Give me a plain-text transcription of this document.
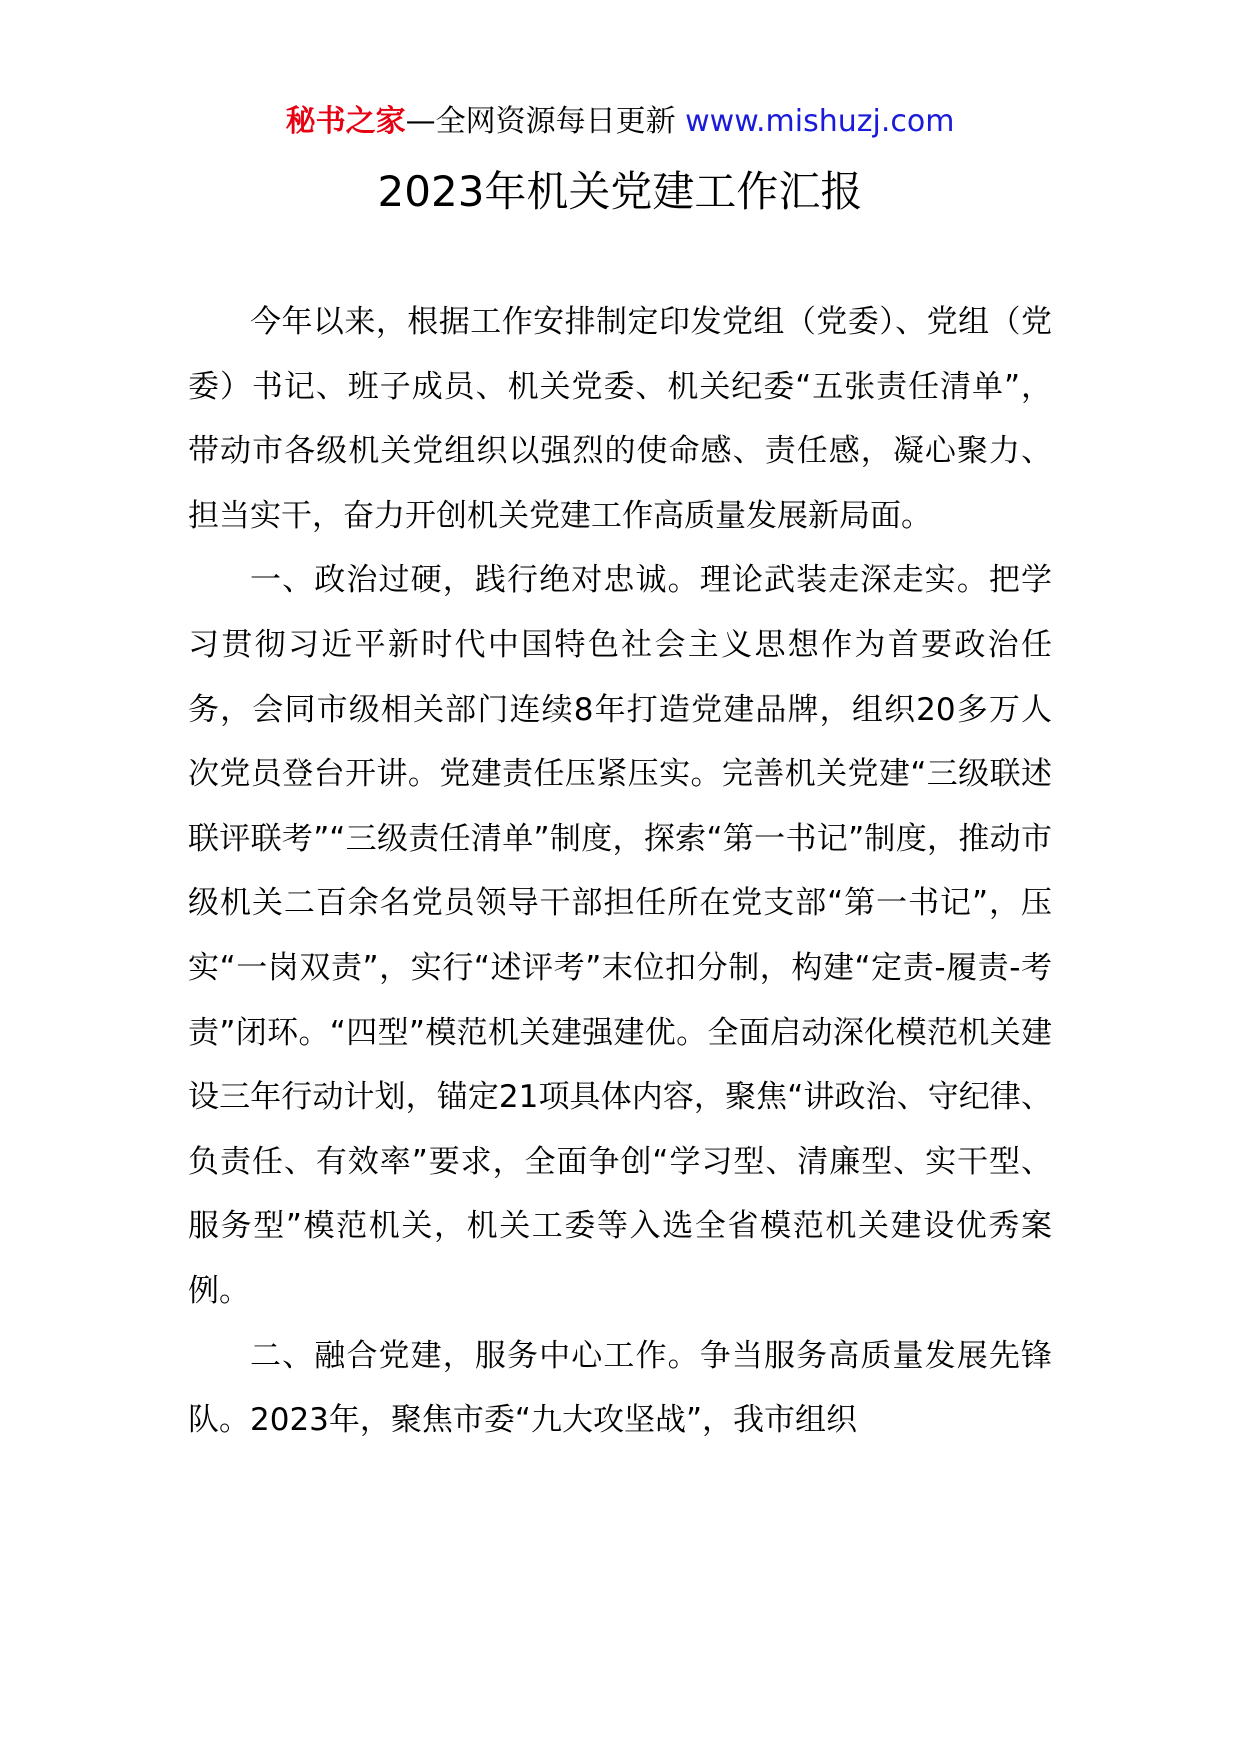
秘书之家—全网资源每日更新 www.mishuzj.com
2023年机关党建工作汇报

今年以来，根据工作安排制定印发党组（党委）、党组（党委）书记、班子成员、机关党委、机关纪委“五张责任清单”，带动市各级机关党组织以强烈的使命感、责任感，凝心聚力、担当实干，奋力开创机关党建工作高质量发展新局面。

一、政治过硬，践行绝对忠诚。理论武装走深走实。把学习贯彻习近平新时代中国特色社会主义思想作为首要政治任务，会同市级相关部门连续8年打造党建品牌，组织20多万人次党员登台开讲。党建责任压紧压实。完善机关党建“三级联述联评联考”“三级责任清单”制度，探索“第一书记”制度，推动市级机关二百余名党员领导干部担任所在党支部“第一书记”，压实“一岗双责”，实行“述评考”末位扣分制，构建“定责-履责-考责”闭环。“四型”模范机关建强建优。全面启动深化模范机关建设三年行动计划，锚定21项具体内容，聚焦“讲政治、守纪律、负责任、有效率”要求，全面争创“学习型、清廉型、实干型、服务型”模范机关，机关工委等入选全省模范机关建设优秀案例。

二、融合党建，服务中心工作。争当服务高质量发展先锋队。2023年，聚焦市委“九大攻坚战”，我市组织
